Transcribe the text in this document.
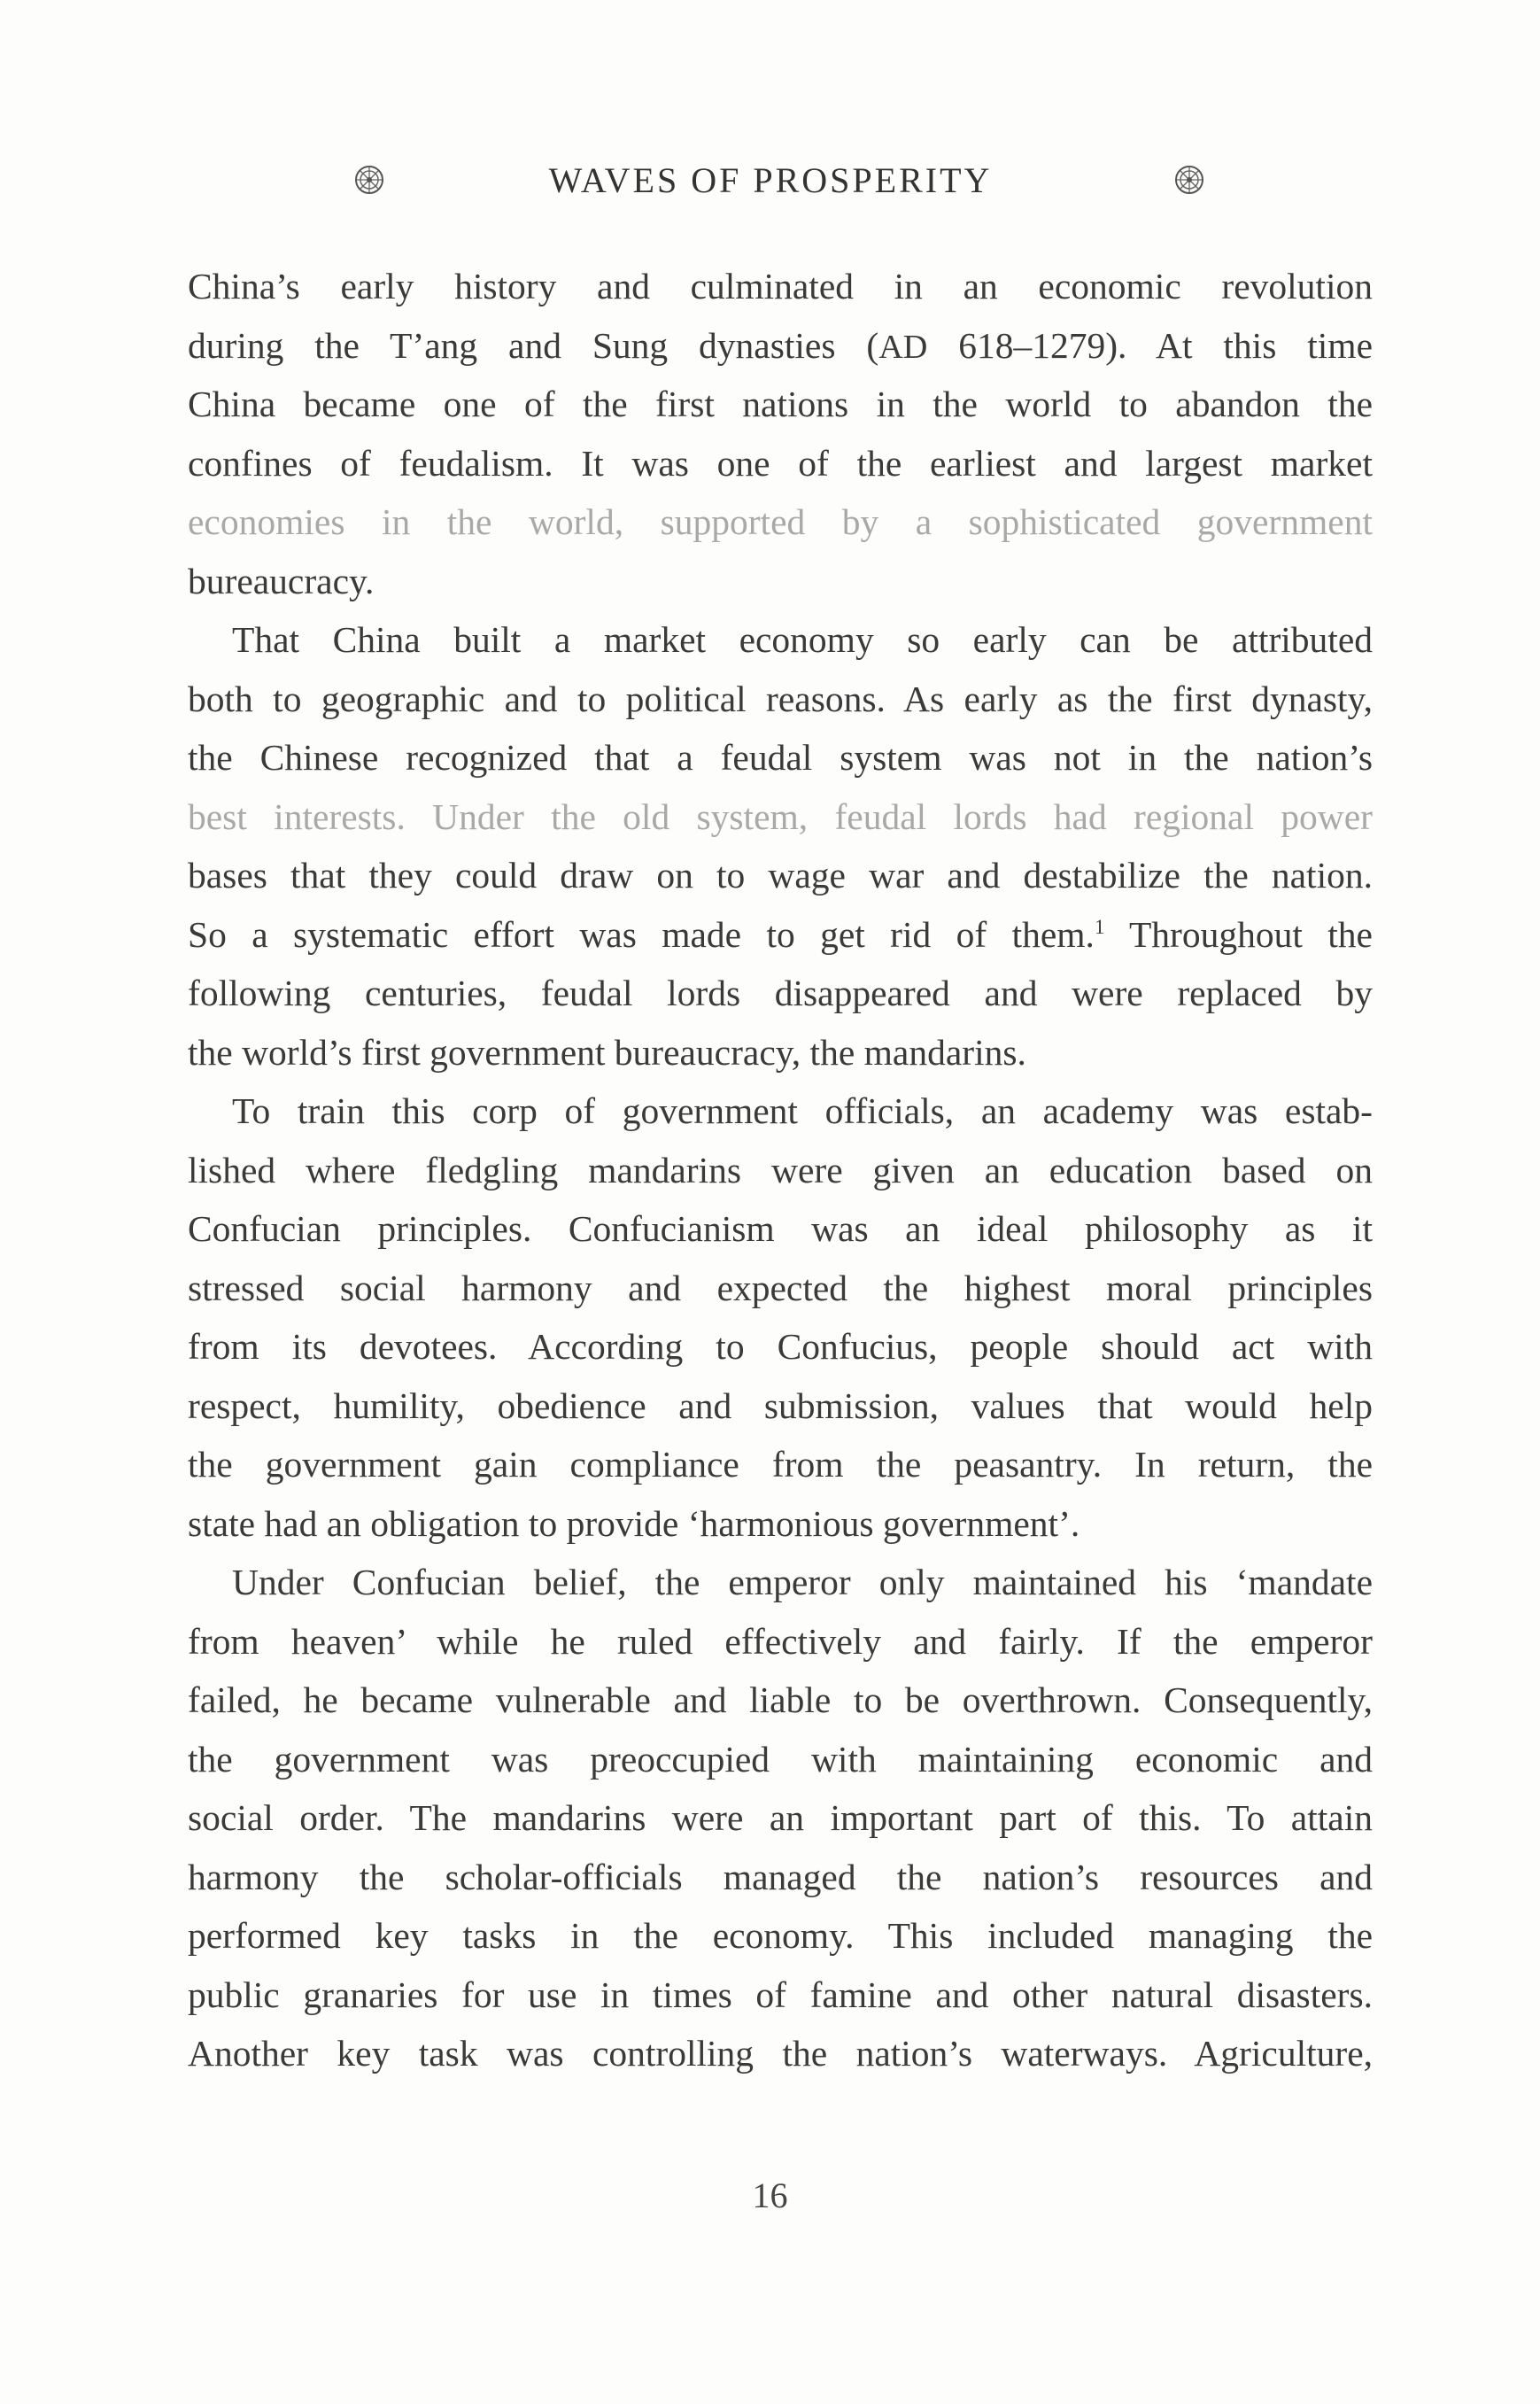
WAVES OF PROSPERITY
China’s early history and culminated in an economic revolution
during the T’ang and Sung dynasties (AD 618–1279). At this time
China became one of the first nations in the world to abandon the
confines of feudalism. It was one of the earliest and largest market
economies in the world, supported by a sophisticated government
bureaucracy.
That China built a market economy so early can be attributed
both to geographic and to political reasons. As early as the first dynasty,
the Chinese recognized that a feudal system was not in the nation’s
best interests. Under the old system, feudal lords had regional power
bases that they could draw on to wage war and destabilize the nation.
So a systematic effort was made to get rid of them.$^1$ Throughout the
following centuries, feudal lords disappeared and were replaced by
the world’s first government bureaucracy, the mandarins.
To train this corp of government officials, an academy was estab-
lished where fledgling mandarins were given an education based on
Confucian principles. Confucianism was an ideal philosophy as it
stressed social harmony and expected the highest moral principles
from its devotees. According to Confucius, people should act with
respect, humility, obedience and submission, values that would help
the government gain compliance from the peasantry. In return, the
state had an obligation to provide ‘harmonious government’.
Under Confucian belief, the emperor only maintained his ‘mandate
from heaven’ while he ruled effectively and fairly. If the emperor
failed, he became vulnerable and liable to be overthrown. Consequently,
the government was preoccupied with maintaining economic and
social order. The mandarins were an important part of this. To attain
harmony the scholar-officials managed the nation’s resources and
performed key tasks in the economy. This included managing the
public granaries for use in times of famine and other natural disasters.
Another key task was controlling the nation’s waterways. Agriculture,
16
